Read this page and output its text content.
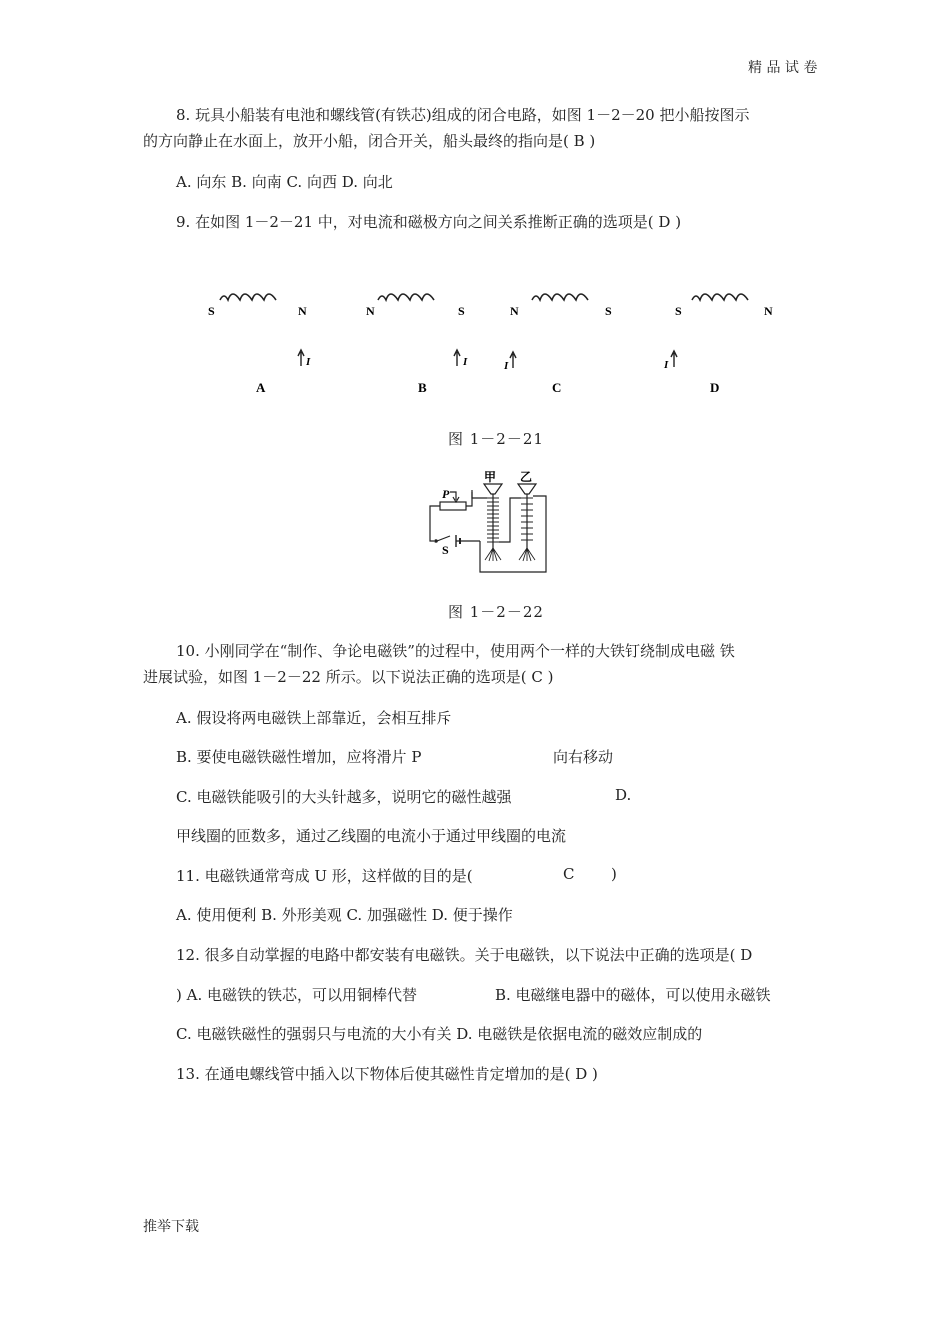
精 品 试 卷
推举下载
8. 玩具小船装有电池和螺线管(有铁芯)组成的闭合电路，如图 1－2－20 把小船按图示
的方向静止在水面上，放开小船，闭合开关，船头最终的指向是( B )
A. 向东 B. 向南 C. 向西 D. 向北
9. 在如图 1－2－21 中，对电流和磁极方向之间关系推断正确的选项是( D )
S	N
I
A
N	S
I
B
N	S
I
C
S	N
I
D
图 1－2－21
甲 乙
P
S
图 1－2－22
10. 小刚同学在“制作、争论电磁铁”的过程中，使用两个一样的大铁钉绕制成电磁 铁
进展试验，如图 1－2－22 所示。以下说法正确的选项是( C )
A. 假设将两电磁铁上部靠近，会相互排斥
B. 要使电磁铁磁性增加，应将滑片 P	向右移动
C. 电磁铁能吸引的大头针越多，说明它的磁性越强	D.
甲线圈的匝数多，通过乙线圈的电流小于通过甲线圈的电流
11. 电磁铁通常弯成 U 形，这样做的目的是(	C )
A. 使用便利 B. 外形美观 C. 加强磁性 D. 便于操作
12. 很多自动掌握的电路中都安装有电磁铁。关于电磁铁，以下说法中正确的选项是( D
) A. 电磁铁的铁芯，可以用铜棒代替	B. 电磁继电器中的磁体，可以使用永磁铁
C. 电磁铁磁性的强弱只与电流的大小有关 D. 电磁铁是依据电流的磁效应制成的
13. 在通电螺线管中插入以下物体后使其磁性肯定增加的是( D )
